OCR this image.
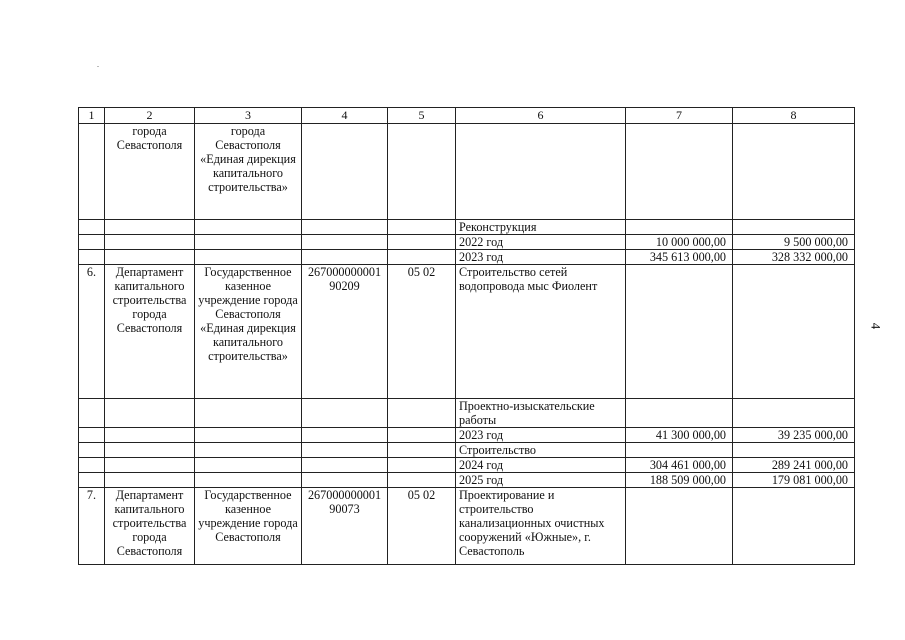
4
1	2	3	4	5	6	7	8
	города Севастополя	города Севастополя «Единая дирекция капитального строительства»					
					Реконструкция		
					2022 год	10 000 000,00	9 500 000,00
					2023 год	345 613 000,00	328 332 000,00
6.	Департамент капитального строительства города Севастополя	Государственное казенное учреждение города Севастополя «Единая дирекция капитального строительства»	26700000000190209	05 02	Строительство сетей водопровода мыс Фиолент		
					Проектно-изыскательские работы		
					2023 год	41 300 000,00	39 235 000,00
					Строительство		
					2024 год	304 461 000,00	289 241 000,00
					2025 год	188 509 000,00	179 081 000,00
7.	Департамент капитального строительства города Севастополя	Государственное казенное учреждение города Севастополя	26700000000190073	05 02	Проектирование и строительство канализационных очистных сооружений «Южные», г. Севастополь		
